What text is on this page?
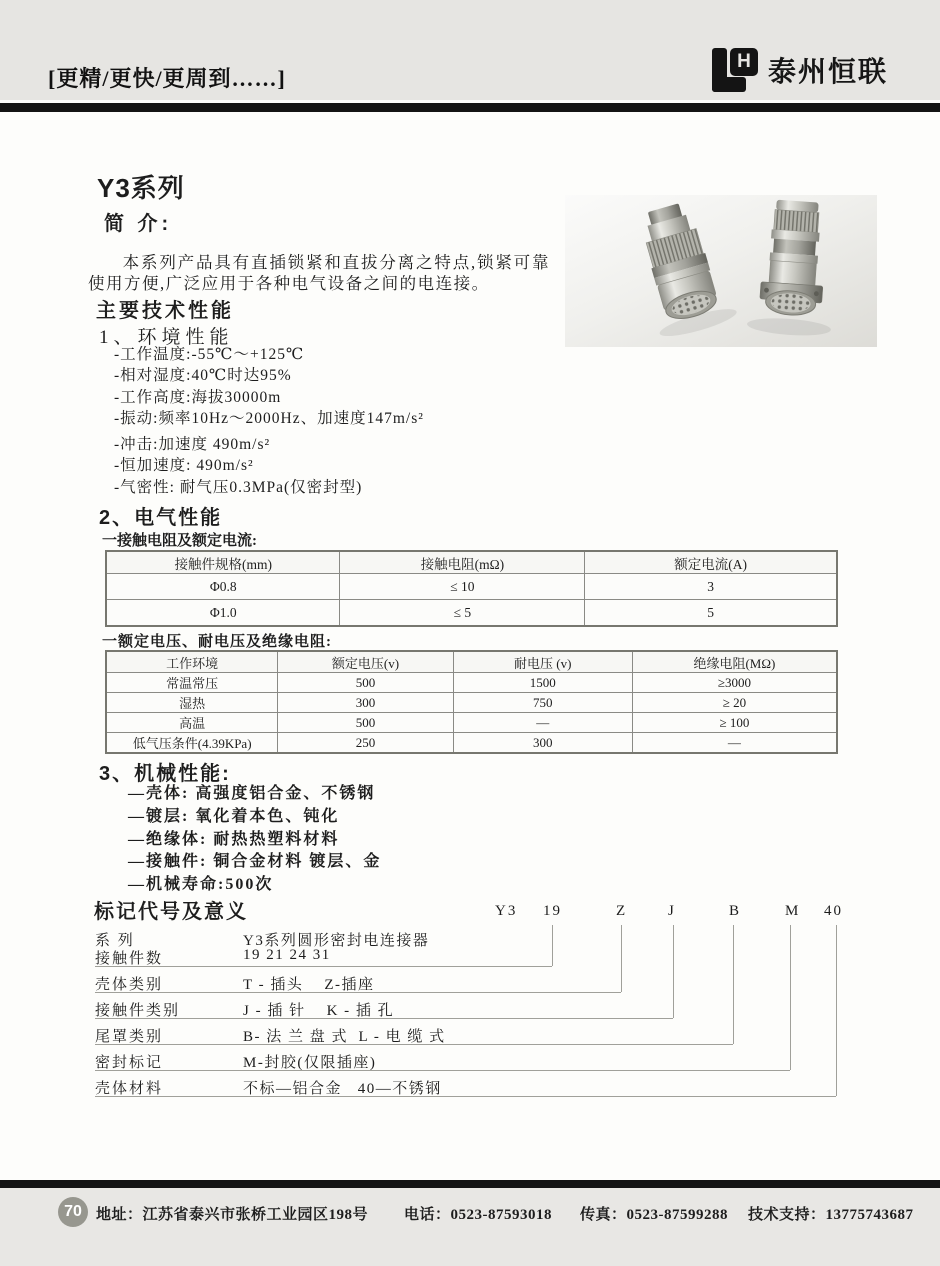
[更精/更快/更周到……]
H 泰州恒联
Y3系列
简 介:

本系列产品具有直插锁紧和直拔分离之特点,锁紧可靠使用方便,广泛应用于各种电气设备之间的电连接。

主要技术性能
1、环境性能
-工作温度:-55℃～+125℃
-相对湿度:40℃时达95%
-工作高度:海拔30000m
-振动:频率10Hz～2000Hz、加速度147m/s²
-冲击:加速度 490m/s²
-恒加速度: 490m/s²
-气密性: 耐气压0.3MPa(仅密封型)
2、电气性能
一接触电阻及额定电流:
接触件规格(mm)	接触电阻(mΩ)	额定电流(A)
Φ0.8	≤ 10	3
Φ1.0	≤ 5	5
一额定电压、耐电压及绝缘电阻:
工作环境	额定电压(v)	耐电压 (v)	绝缘电阻(MΩ)
常温常压	500	1500	≥3000
湿热	300	750	≥ 20
高温	500	—	≥ 100
低气压条件(4.39KPa)	250	300	—
3、机械性能:
—壳体: 高强度铝合金、不锈钢
—镀层: 氧化着本色、钝化
—绝缘体: 耐热热塑料材料
—接触件: 铜合金材料 镀层、金
—机械寿命:500次
标记代号及意义	Y3 19	Z	J	B	M 40
系 列	Y3系列圆形密封电连接器
接触件数	19 21 24 31
壳体类别	T - 插头    Z-插座
接触件类别	J - 插 针    K - 插 孔
尾罩类别	B- 法 兰 盘 式  L - 电 缆 式
密封标记	M-封胶(仅限插座)
壳体材料	不标—铝合金   40—不锈钢
70 地址：江苏省泰兴市张桥工业园区198号 电话：0523-87593018 传真：0523-87599288 技术支持：13775743687
